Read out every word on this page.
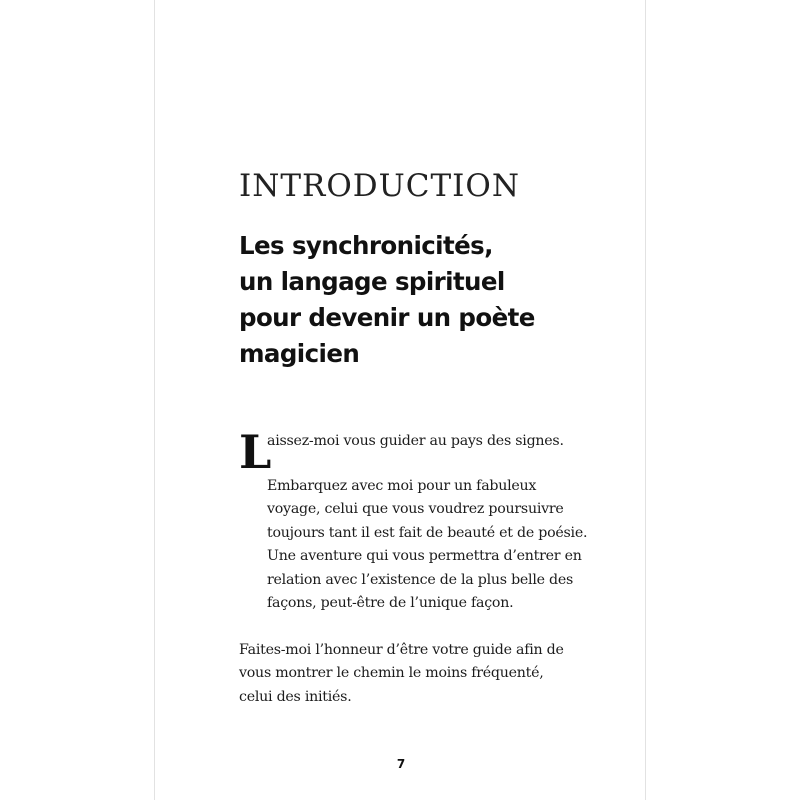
INTRODUCTION
Les synchronicités,
un langage spirituel
pour devenir un poète
magicien

L
aissez-moi vous guider au pays des signes.

Embarquez avec moi pour un fabuleux
voyage, celui que vous voudrez poursuivre
toujours tant il est fait de beauté et de poésie.
Une aventure qui vous permettra d’entrer en
relation avec l’existence de la plus belle des
façons, peut-être de l’unique façon.

Faites-moi l’honneur d’être votre guide afin de
vous montrer le chemin le moins fréquenté,
celui des initiés.

7
